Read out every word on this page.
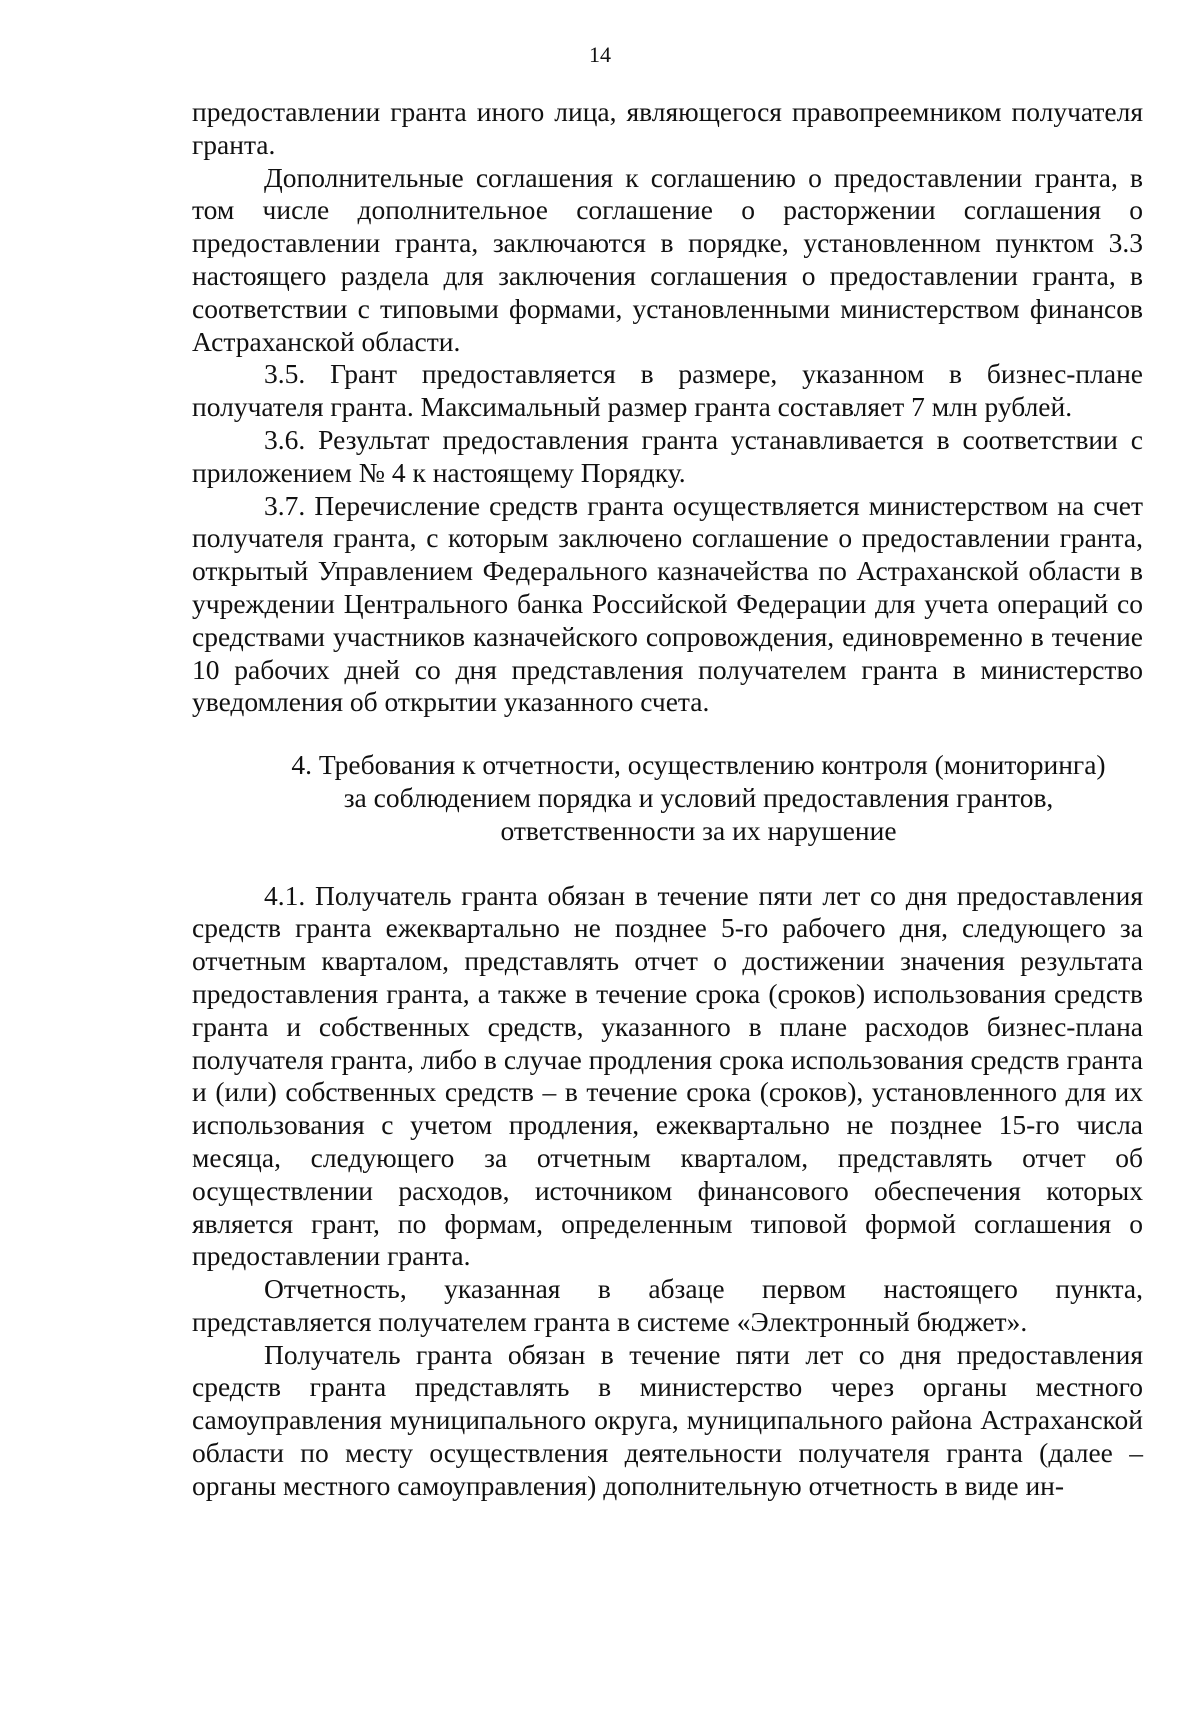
14

предоставлении гранта иного лица, являющегося правопреемником получателя гранта.

Дополнительные соглашения к соглашению о предоставлении гранта, в том числе дополнительное соглашение о расторжении соглашения о предоставлении гранта, заключаются в порядке, установленном пунктом 3.3 настоящего раздела для заключения соглашения о предоставлении гранта, в соответствии с типовыми формами, установленными министерством финансов Астраханской области.

3.5. Грант предоставляется в размере, указанном в бизнес-плане получателя гранта. Максимальный размер гранта составляет 7 млн рублей.

3.6. Результат предоставления гранта устанавливается в соответствии с приложением № 4 к настоящему Порядку.

3.7. Перечисление средств гранта осуществляется министерством на счет получателя гранта, с которым заключено соглашение о предоставлении гранта, открытый Управлением Федерального казначейства по Астраханской области в учреждении Центрального банка Российской Федерации для учета операций со средствами участников казначейского сопровождения, единовременно в течение 10 рабочих дней со дня представления получателем гранта в министерство уведомления об открытии указанного счета.

4. Требования к отчетности, осуществлению контроля (мониторинга)
за соблюдением порядка и условий предоставления грантов,
ответственности за их нарушение

4.1. Получатель гранта обязан в течение пяти лет со дня предоставления средств гранта ежеквартально не позднее 5-го рабочего дня, следующего за отчетным кварталом, представлять отчет о достижении значения результата предоставления гранта, а также в течение срока (сроков) использования средств гранта и собственных средств, указанного в плане расходов бизнес-плана получателя гранта, либо в случае продления срока использования средств гранта и (или) собственных средств – в течение срока (сроков), установленного для их использования с учетом продления, ежеквартально не позднее 15-го числа месяца, следующего за отчетным кварталом, представлять отчет об осуществлении расходов, источником финансового обеспечения которых является грант, по формам, определенным типовой формой соглашения о предоставлении гранта.

Отчетность, указанная в абзаце первом настоящего пункта, представляется получателем гранта в системе «Электронный бюджет».

Получатель гранта обязан в течение пяти лет со дня предоставления средств гранта представлять в министерство через органы местного самоуправления муниципального округа, муниципального района Астраханской области по месту осуществления деятельности получателя гранта (далее – органы местного самоуправления) дополнительную отчетность в виде ин-
